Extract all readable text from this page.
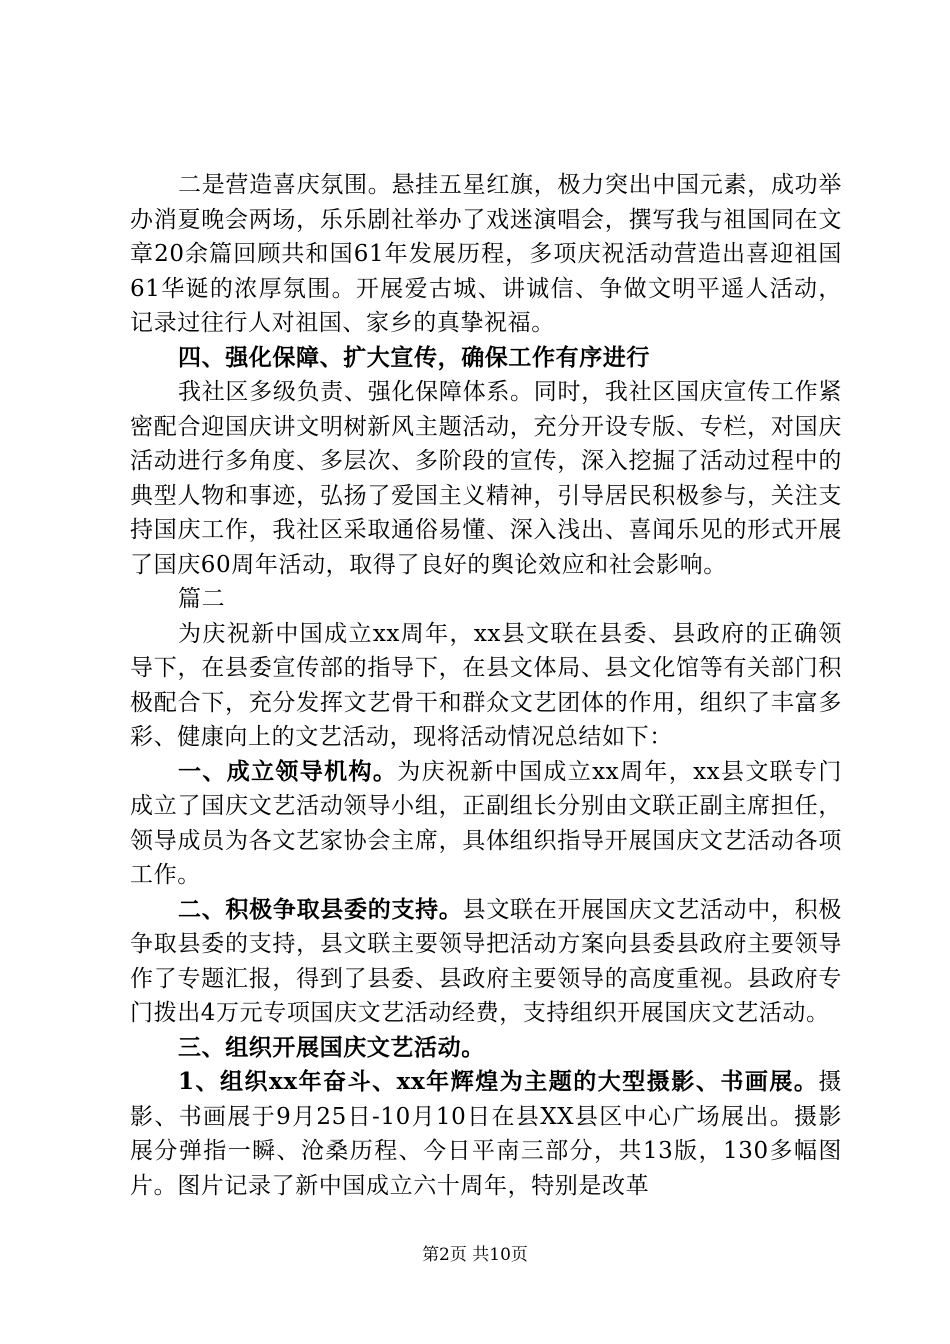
二是营造喜庆氛围。悬挂五星红旗，极力突出中国元素，成功举办消夏晚会两场，乐乐剧社举办了戏迷演唱会，撰写我与祖国同在文章20余篇回顾共和国61年发展历程，多项庆祝活动营造出喜迎祖国61华诞的浓厚氛围。开展爱古城、讲诚信、争做文明平遥人活动，记录过往行人对祖国、家乡的真挚祝福。

四、强化保障、扩大宣传，确保工作有序进行

我社区多级负责、强化保障体系。同时，我社区国庆宣传工作紧密配合迎国庆讲文明树新风主题活动，充分开设专版、专栏，对国庆活动进行多角度、多层次、多阶段的宣传，深入挖掘了活动过程中的典型人物和事迹，弘扬了爱国主义精神，引导居民积极参与，关注支持国庆工作，我社区采取通俗易懂、深入浅出、喜闻乐见的形式开展了国庆60周年活动，取得了良好的舆论效应和社会影响。

篇二

为庆祝新中国成立xx周年，xx县文联在县委、县政府的正确领导下，在县委宣传部的指导下，在县文体局、县文化馆等有关部门积极配合下，充分发挥文艺骨干和群众文艺团体的作用，组织了丰富多彩、健康向上的文艺活动，现将活动情况总结如下：

一、成立领导机构。为庆祝新中国成立xx周年，xx县文联专门成立了国庆文艺活动领导小组，正副组长分别由文联正副主席担任，领导成员为各文艺家协会主席，具体组织指导开展国庆文艺活动各项工作。

二、积极争取县委的支持。县文联在开展国庆文艺活动中，积极争取县委的支持，县文联主要领导把活动方案向县委县政府主要领导作了专题汇报，得到了县委、县政府主要领导的高度重视。县政府专门拨出4万元专项国庆文艺活动经费，支持组织开展国庆文艺活动。

三、组织开展国庆文艺活动。

1、组织xx年奋斗、xx年辉煌为主题的大型摄影、书画展。摄影、书画展于9月25日-10月10日在县XX县区中心广场展出。摄影展分弹指一瞬、沧桑历程、今日平南三部分，共13版，130多幅图片。图片记录了新中国成立六十周年，特别是改革

第2页 共10页
